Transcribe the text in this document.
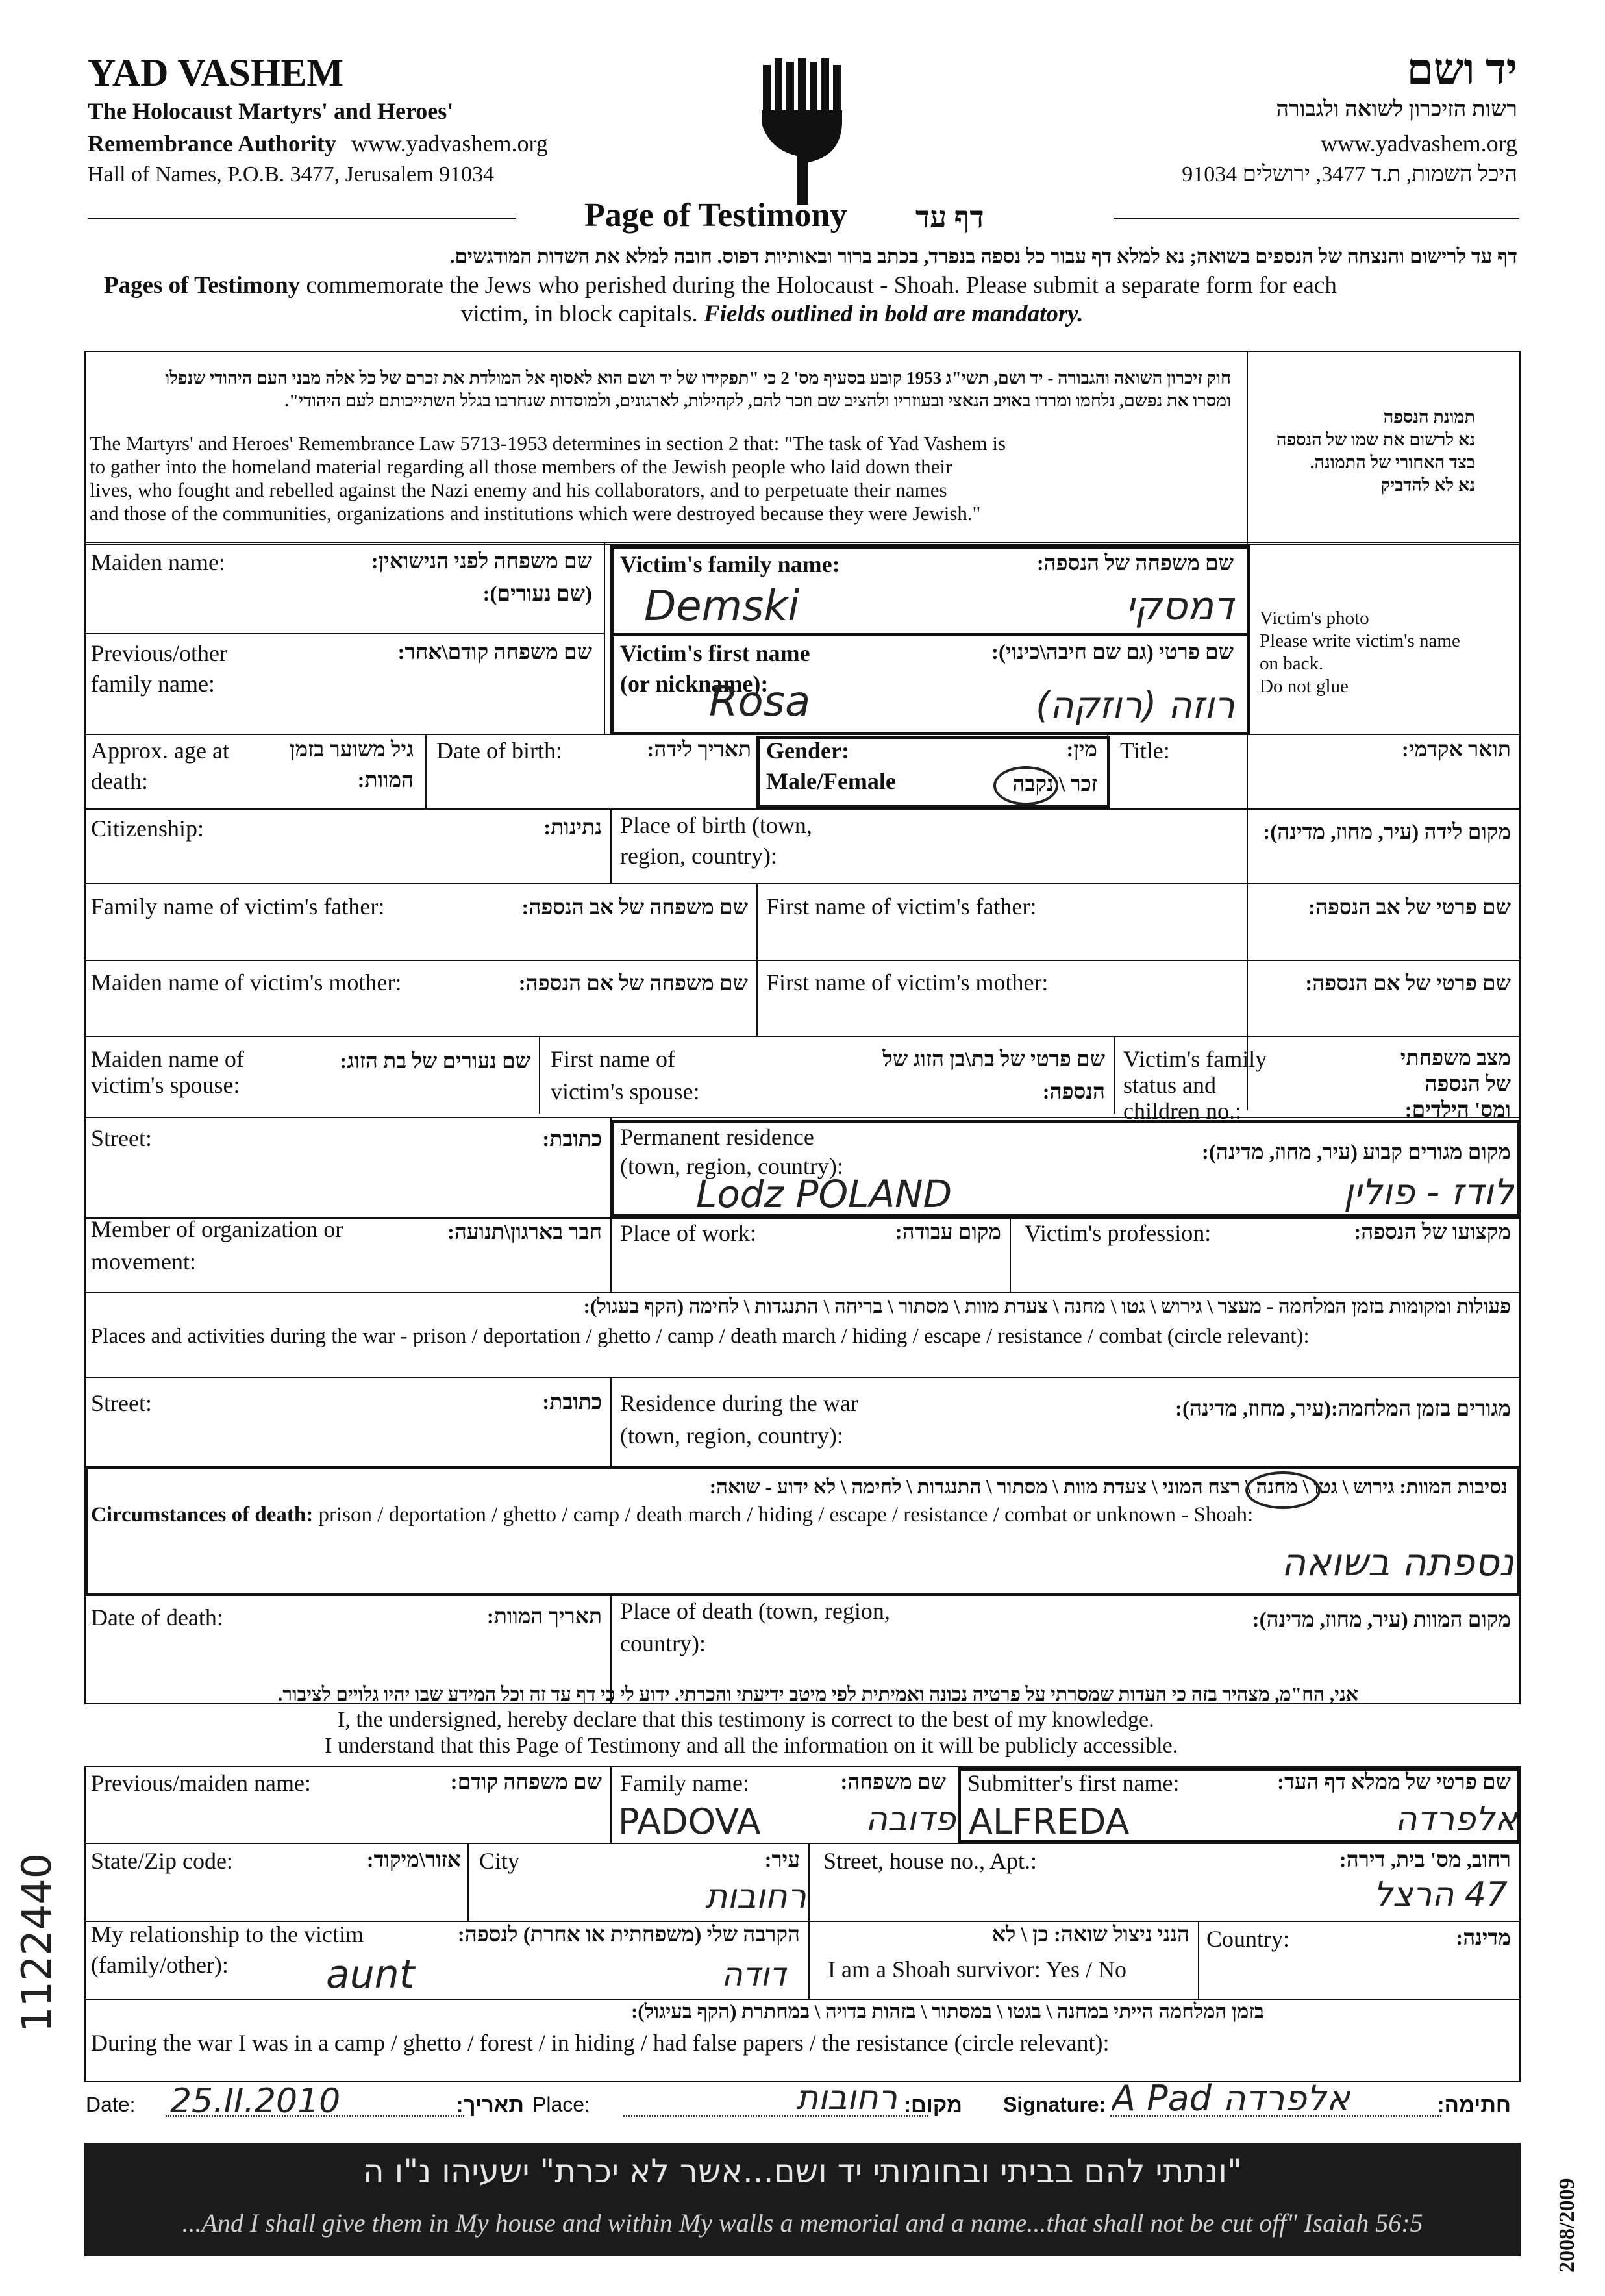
YAD VASHEM
The Holocaust Martyrs' and Heroes'
Remembrance Authority www.yadvashem.org
Hall of Names, P.O.B. 3477, Jerusalem 91034
יד ושם
רשות הזיכרון לשואה ולגבורה
www.yadvashem.org
היכל השמות, ת.ד 3477, ירושלים 91034
Page of Testimony דף עד
דף עד לרישום והנצחה של הנספים בשואה; נא למלא דף עבור כל נספה בנפרד, בכתב ברור ובאותיות דפוס. חובה למלא את השדות המודגשים.
Pages of Testimony commemorate the Jews who perished during the Holocaust - Shoah. Please submit a separate form for each
victim, in block capitals. Fields outlined in bold are mandatory.
חוק זיכרון השואה והגבורה - יד ושם, תשי"ג 1953 קובע בסעיף מס' 2 כי "תפקידו של יד ושם הוא לאסוף אל המולדת את זכרם של כל אלה מבני העם היהודי שנפלו
ומסרו את נפשם, נלחמו ומרדו באויב הנאצי ובעוזריו ולהציב שם וזכר להם, לקהילות, לארגונים, ולמוסדות שנחרבו בגלל השתייכותם לעם היהודי".
The Martyrs' and Heroes' Remembrance Law 5713-1953 determines in section 2 that: "The task of Yad Vashem is
to gather into the homeland material regarding all those members of the Jewish people who laid down their
lives, who fought and rebelled against the Nazi enemy and his collaborators, and to perpetuate their names
and those of the communities, organizations and institutions which were destroyed because they were Jewish."
תמונת הנספה
נא לרשום את שמו של הנספה
בצד האחורי של התמונה.
נא לא להדביק
Victim's photo
Please write victim's name
on back.
Do not glue
Maiden name:	שם משפחה לפני הנישואין:
(שם נעורים):
Previous/other
family name:
שם משפחה קודם\אחר:
Victim's family name:	שם משפחה של הנספה:
Demski
דמסקי
Victim's first name
(or nickname):
שם פרטי (גם שם חיבה\כינוי):
Rosa
רוזה (רוזקה)
Approx. age at
death:
גיל משוער בזמן
המוות:
Date of birth:	תאריך לידה: Gender:
Male/Female
מין:
זכר \ נקבה
Title:	תואר אקדמי:
Citizenship:	נתינות: Place of birth (town,
region, country):
מקום לידה (עיר, מחוז, מדינה):
Family name of victim's father:	שם משפחה של אב הנספה: First name of victim's father:	שם פרטי של אב הנספה:
Maiden name of victim's mother:	שם משפחה של אם הנספה: First name of victim's mother:	שם פרטי של אם הנספה:
Maiden name of
victim's spouse:
שם נעורים של בת הזוג: First name of
victim's spouse:
שם פרטי של בת\בן הזוג של
הנספה:
Victim's family
status and
children no.:
מצב משפחתי
של הנספה
ומס' הילדים:
Street:	כתובת: Permanent residence
(town, region, country):
מקום מגורים קבוע (עיר, מחוז, מדינה):
Lodz POLAND
לודז - פולין
Member of organization or
movement:
חבר בארגון\תנועה: Place of work:	מקום עבודה: Victim's profession:	מקצועו של הנספה:
פעולות ומקומות בזמן המלחמה - מעצר \ גירוש \ גטו \ מחנה \ צעדת מוות \ מסתור \ בריחה \ התנגדות \ לחימה (הקף בעגול):
Places and activities during the war - prison / deportation / ghetto / camp / death march / hiding / escape / resistance / combat (circle relevant):
Street:	כתובת: Residence during the war
(town, region, country):
מגורים בזמן המלחמה:(עיר, מחוז, מדינה):
נסיבות המוות: גירוש \ גטו \ מחנה \ רצח המוני \ צעדת מוות \ מסתור \ התנגדות \ לחימה \ לא ידוע - שואה:
Circumstances of death: prison / deportation / ghetto / camp / death march / hiding / escape / resistance / combat or unknown - Shoah:
נספתה בשואה
Date of death:	תאריך המוות: Place of death (town, region,
country):
מקום המוות (עיר, מחוז, מדינה):
אני, הח"מ, מצהיר בזה כי העדות שמסרתי על פרטיה נכונה ואמיתית לפי מיטב ידיעתי והכרתי. ידוע לי כי דף עד זה וכל המידע שבו יהיו גלויים לציבור.
I, the undersigned, hereby declare that this testimony is correct to the best of my knowledge.
I understand that this Page of Testimony and all the information on it will be publicly accessible.
Previous/maiden name:	שם משפחה קודם: Family name:	שם משפחה:
PADOVA
פדובה Submitter's first name:	שם פרטי של ממלא דף העד:
ALFREDA
אלפרדה
State/Zip code:	אזור\מיקוד: City	עיר:
רחובות Street, house no., Apt.:	רחוב, מס' בית, דירה:
47 הרצל
My relationship to the victim
(family/other):
הקרבה שלי (משפחתית או אחרת) לנספה:
aunt
דודה	הנני ניצול שואה: כן \ לא
I am a Shoah survivor: Yes / No
Country:	מדינה:
בזמן המלחמה הייתי במחנה \ בגטו \ במסתור \ בזהות בדויה \ במחתרת (הקף בעיגול):
During the war I was in a camp / ghetto / forest / in hiding / had false papers / the resistance (circle relevant):
Date:
25.II.2010	תאריך: Place:
רחובות	מקום: Signature:
A Pad אלפרדה	חתימה:
"ונתתי להם בביתי ובחומותי יד ושם...אשר לא יכרת" ישעיהו נ"ו ה
...And I shall give them in My house and within My walls a memorial and a name...that shall not be cut off" Isaiah 56:5
1122440
2008/2009
